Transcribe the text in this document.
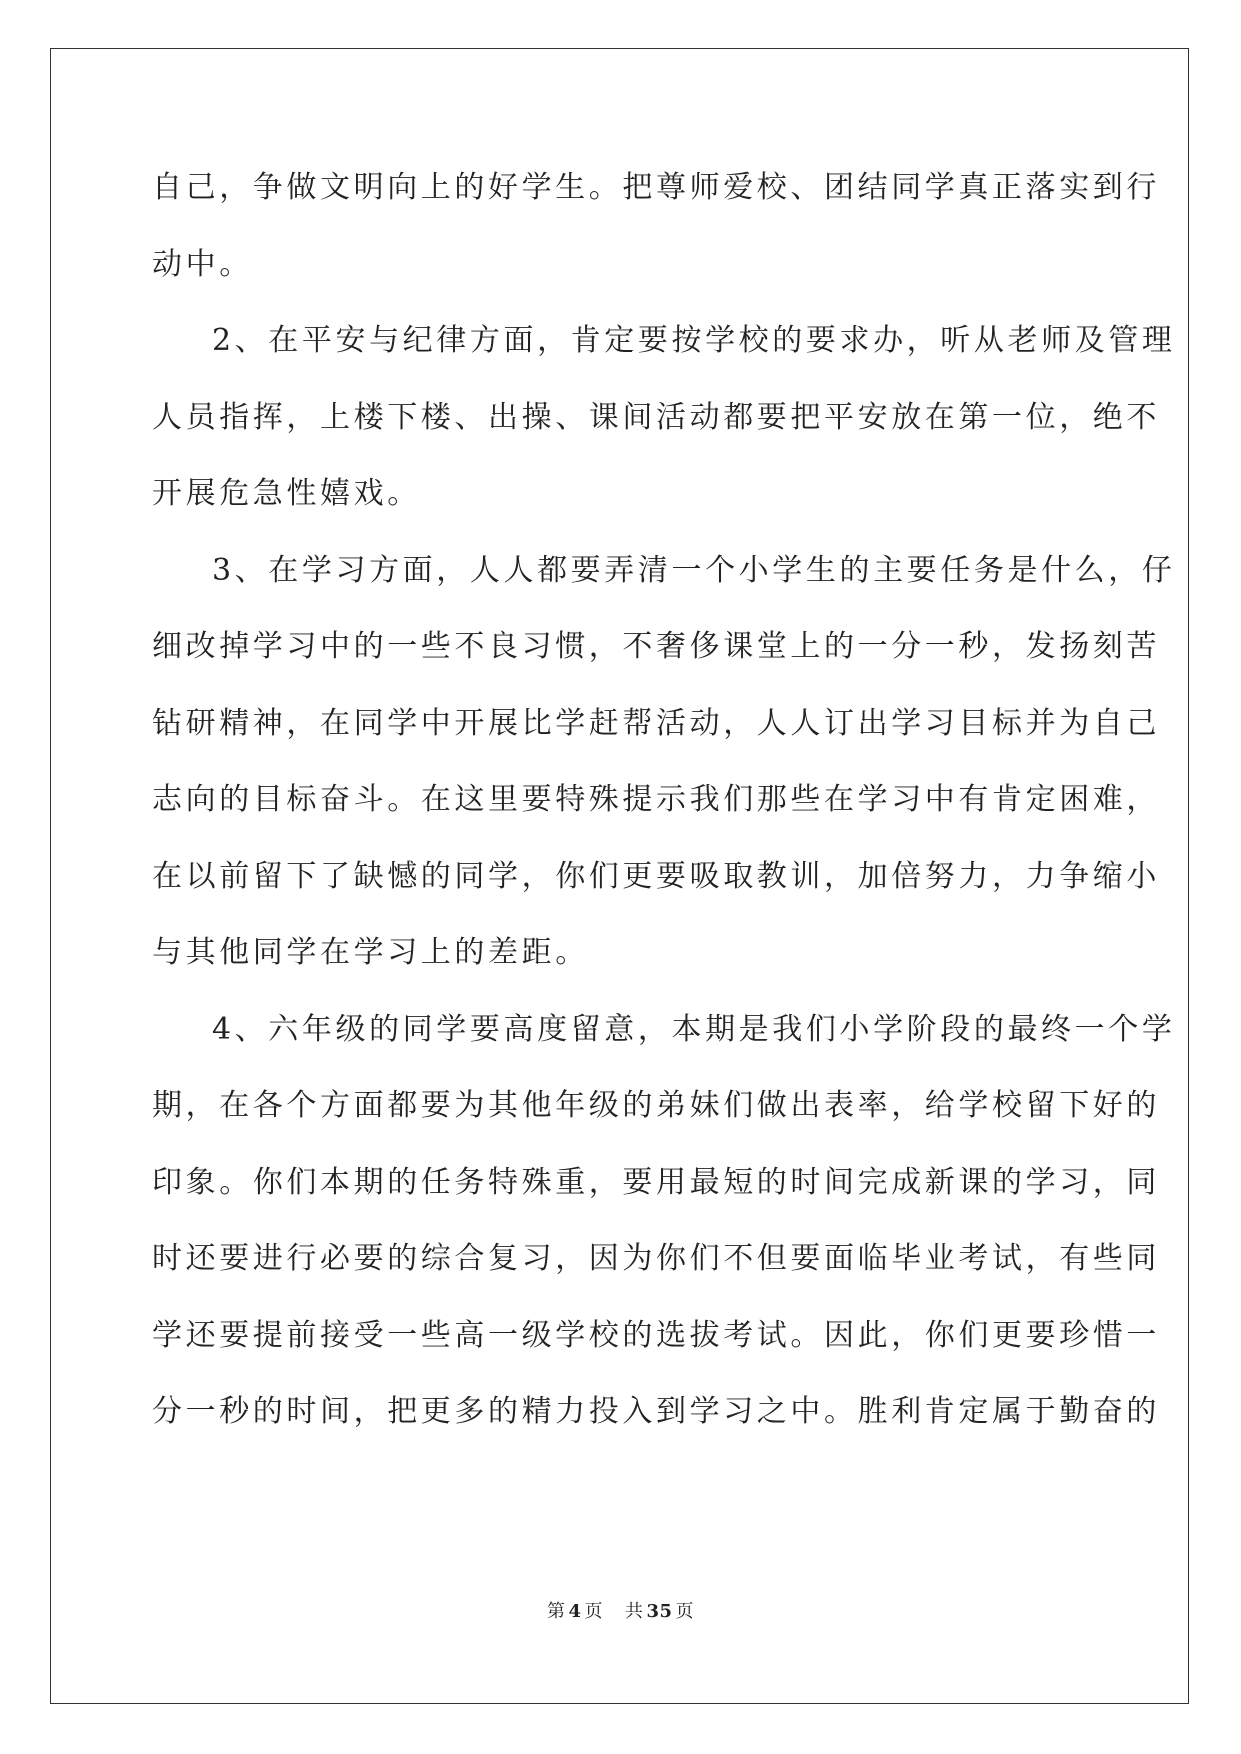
自己，争做文明向上的好学生。把尊师爱校、团结同学真正落实到行
动中。
2、在平安与纪律方面，肯定要按学校的要求办，听从老师及管理
人员指挥，上楼下楼、出操、课间活动都要把平安放在第一位，绝不
开展危急性嬉戏。
3、在学习方面，人人都要弄清一个小学生的主要任务是什么，仔
细改掉学习中的一些不良习惯，不奢侈课堂上的一分一秒，发扬刻苦
钻研精神，在同学中开展比学赶帮活动，人人订出学习目标并为自己
志向的目标奋斗。在这里要特殊提示我们那些在学习中有肯定困难，
在以前留下了缺憾的同学，你们更要吸取教训，加倍努力，力争缩小
与其他同学在学习上的差距。
4、六年级的同学要高度留意，本期是我们小学阶段的最终一个学
期，在各个方面都要为其他年级的弟妹们做出表率，给学校留下好的
印象。你们本期的任务特殊重，要用最短的时间完成新课的学习，同
时还要进行必要的综合复习，因为你们不但要面临毕业考试，有些同
学还要提前接受一些高一级学校的选拔考试。因此，你们更要珍惜一
分一秒的时间，把更多的精力投入到学习之中。胜利肯定属于勤奋的
第 4 页 共 35 页
